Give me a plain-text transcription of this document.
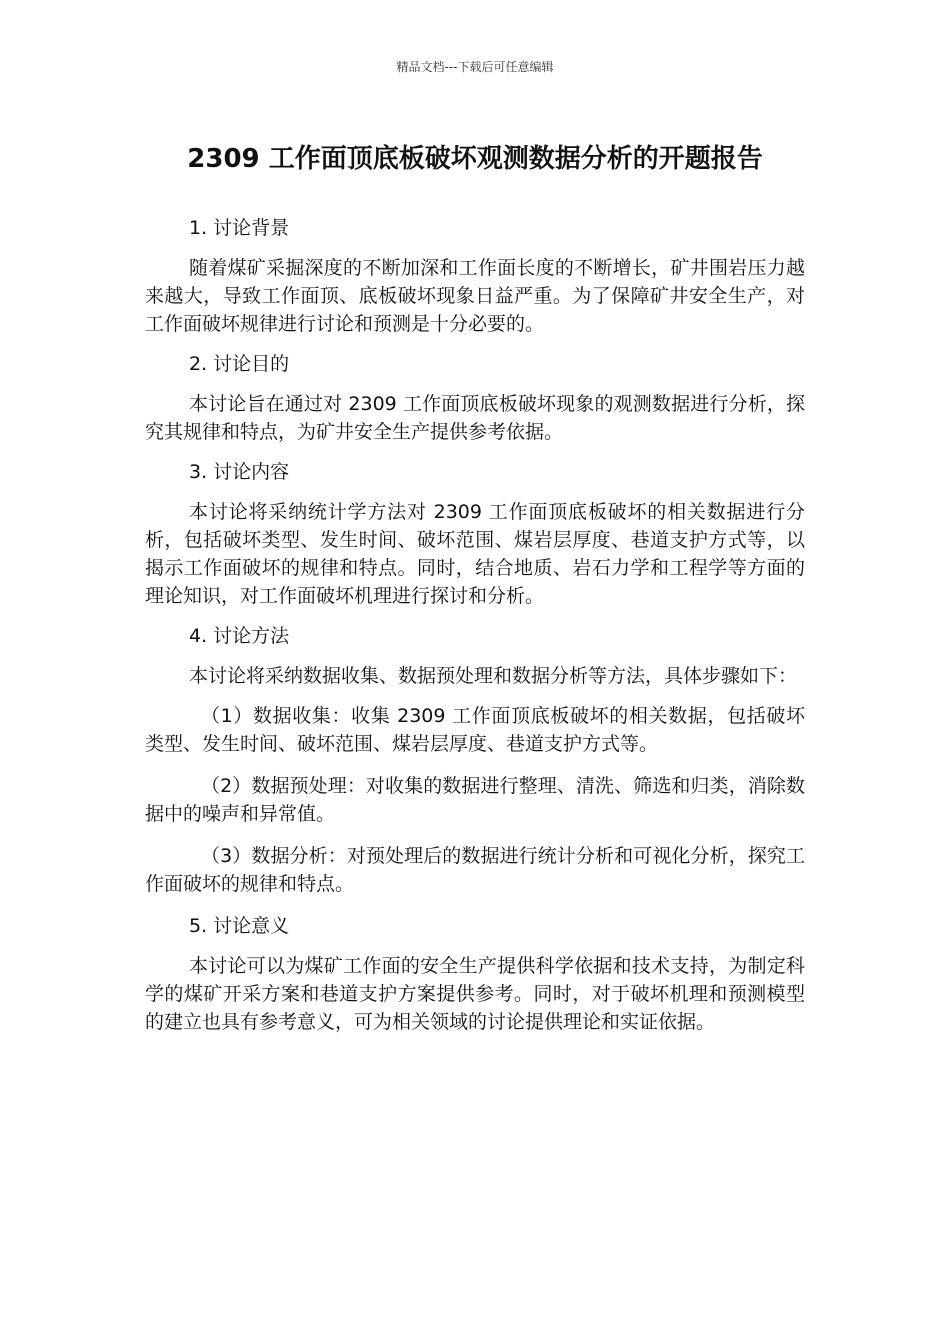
精品文档---下载后可任意编辑
2309 工作面顶底板破坏观测数据分析的开题报告

1. 讨论背景

随着煤矿采掘深度的不断加深和工作面长度的不断增长，矿井围岩压力越来越大，导致工作面顶、底板破坏现象日益严重。为了保障矿井安全生产，对工作面破坏规律进行讨论和预测是十分必要的。

2. 讨论目的

本讨论旨在通过对 2309 工作面顶底板破坏现象的观测数据进行分析，探究其规律和特点，为矿井安全生产提供参考依据。

3. 讨论内容

本讨论将采纳统计学方法对 2309 工作面顶底板破坏的相关数据进行分析，包括破坏类型、发生时间、破坏范围、煤岩层厚度、巷道支护方式等，以揭示工作面破坏的规律和特点。同时，结合地质、岩石力学和工程学等方面的理论知识，对工作面破坏机理进行探讨和分析。

4. 讨论方法

本讨论将采纳数据收集、数据预处理和数据分析等方法，具体步骤如下：

（1）数据收集：收集 2309 工作面顶底板破坏的相关数据，包括破坏类型、发生时间、破坏范围、煤岩层厚度、巷道支护方式等。

（2）数据预处理：对收集的数据进行整理、清洗、筛选和归类，消除数据中的噪声和异常值。

（3）数据分析：对预处理后的数据进行统计分析和可视化分析，探究工作面破坏的规律和特点。

5. 讨论意义

本讨论可以为煤矿工作面的安全生产提供科学依据和技术支持，为制定科学的煤矿开采方案和巷道支护方案提供参考。同时，对于破坏机理和预测模型的建立也具有参考意义，可为相关领域的讨论提供理论和实证依据。
